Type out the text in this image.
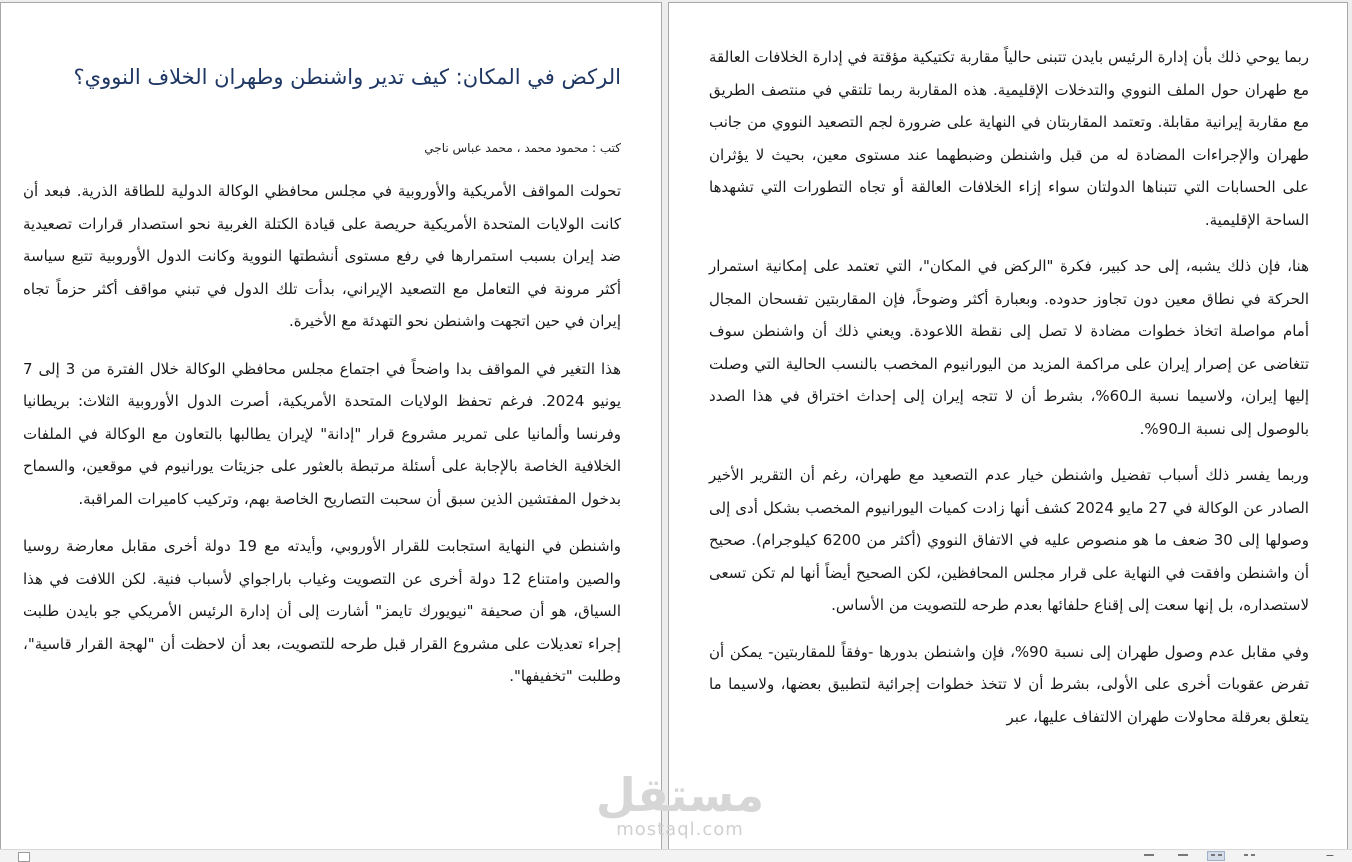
الركض في المكان: كيف تدير واشنطن وطهران الخلاف النووي؟
كتب : محمود محمد ، محمد عباس ناجي

تحولت المواقف الأمريكية والأوروبية في مجلس محافظي الوكالة الدولية للطاقة الذرية. فبعد أن كانت الولايات المتحدة الأمريكية حريصة على قيادة الكتلة الغربية نحو استصدار قرارات تصعيدية ضد إيران بسبب استمرارها في رفع مستوى أنشطتها النووية وكانت الدول الأوروبية تتبع سياسة أكثر مرونة في التعامل مع التصعيد الإيراني، بدأت تلك الدول في تبني مواقف أكثر حزماً تجاه إيران في حين اتجهت واشنطن نحو التهدئة مع الأخيرة.

هذا التغير في المواقف بدا واضحاً في اجتماع مجلس محافظي الوكالة خلال الفترة من 3 إلى 7 يونيو 2024. فرغم تحفظ الولايات المتحدة الأمريكية، أصرت الدول الأوروبية الثلاث: بريطانيا وفرنسا وألمانيا على تمرير مشروع قرار "إدانة" لإيران يطالبها بالتعاون مع الوكالة في الملفات الخلافية الخاصة بالإجابة على أسئلة مرتبطة بالعثور على جزيئات يورانيوم في موقعين، والسماح بدخول المفتشين الذين سبق أن سحبت التصاريح الخاصة بهم، وتركيب كاميرات المراقبة.

واشنطن في النهاية استجابت للقرار الأوروبي، وأيدته مع 19 دولة أخرى مقابل معارضة روسيا والصين وامتناع 12 دولة أخرى عن التصويت وغياب باراجواي لأسباب فنية. لكن اللافت في هذا السياق، هو أن صحيفة "نيويورك تايمز" أشارت إلى أن إدارة الرئيس الأمريكي جو بايدن طلبت إجراء تعديلات على مشروع القرار قبل طرحه للتصويت، بعد أن لاحظت أن "لهجة القرار قاسية"، وطلبت "تخفيفها".

ربما يوحي ذلك بأن إدارة الرئيس بايدن تتبنى حالياً مقاربة تكتيكية مؤقتة في إدارة الخلافات العالقة مع طهران حول الملف النووي والتدخلات الإقليمية. هذه المقاربة ربما تلتقي في منتصف الطريق مع مقاربة إيرانية مقابلة. وتعتمد المقاربتان في النهاية على ضرورة لجم التصعيد النووي من جانب طهران والإجراءات المضادة له من قبل واشنطن وضبطهما عند مستوى معين، بحيث لا يؤثران على الحسابات التي تتبناها الدولتان سواء إزاء الخلافات العالقة أو تجاه التطورات التي تشهدها الساحة الإقليمية.

هنا، فإن ذلك يشبه، إلى حد كبير، فكرة "الركض في المكان"، التي تعتمد على إمكانية استمرار الحركة في نطاق معين دون تجاوز حدوده. وبعبارة أكثر وضوحاً، فإن المقاربتين تفسحان المجال أمام مواصلة اتخاذ خطوات مضادة لا تصل إلى نقطة اللاعودة. ويعني ذلك أن واشنطن سوف تتغاضى عن إصرار إيران على مراكمة المزيد من اليورانيوم المخصب بالنسب الحالية التي وصلت إليها إيران، ولاسيما نسبة الـ60%، بشرط أن لا تتجه إيران إلى إحداث اختراق في هذا الصدد بالوصول إلى نسبة الـ90%.

وربما يفسر ذلك أسباب تفضيل واشنطن خيار عدم التصعيد مع طهران، رغم أن التقرير الأخير الصادر عن الوكالة في 27 مايو 2024 كشف أنها زادت كميات اليورانيوم المخصب بشكل أدى إلى وصولها إلى 30 ضعف ما هو منصوص عليه في الاتفاق النووي (أكثر من 6200 كيلوجرام). صحيح أن واشنطن وافقت في النهاية على قرار مجلس المحافظين، لكن الصحيح أيضاً أنها لم تكن تسعى لاستصداره، بل إنها سعت إلى إقناع حلفائها بعدم طرحه للتصويت من الأساس.

وفي مقابل عدم وصول طهران إلى نسبة 90%، فإن واشنطن بدورها -وفقاً للمقاربتين- يمكن أن تفرض عقوبات أخرى على الأولى، بشرط أن لا تتخذ خطوات إجرائية لتطبيق بعضها، ولاسيما ما يتعلق بعرقلة محاولات طهران الالتفاف عليها، عبر

مستقل
mostaql.com
−
